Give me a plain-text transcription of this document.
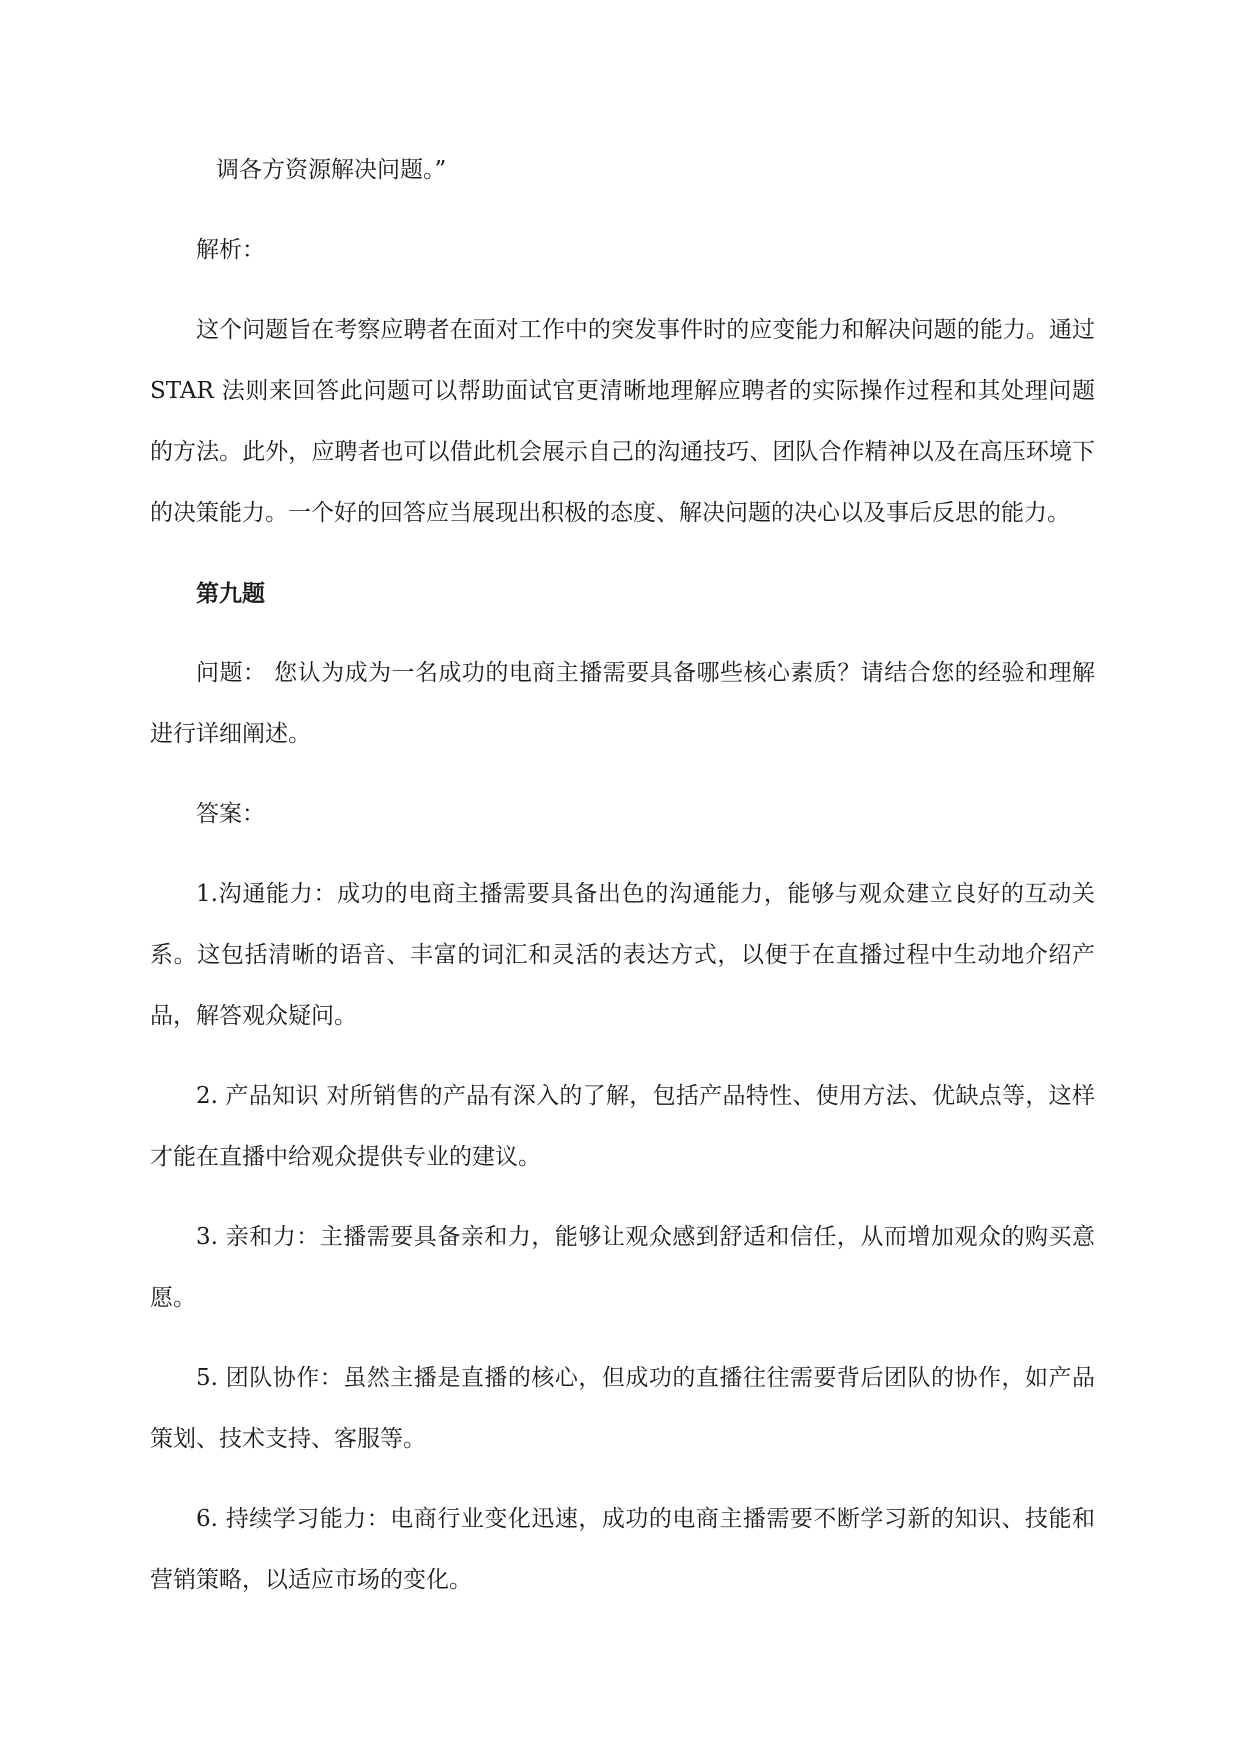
调各方资源解决问题。”

解析：

这个问题旨在考察应聘者在面对工作中的突发事件时的应变能力和解决问题的能力。通过 STAR 法则来回答此问题可以帮助面试官更清晰地理解应聘者的实际操作过程和其处理问题的方法。此外，应聘者也可以借此机会展示自己的沟通技巧、团队合作精神以及在高压环境下的决策能力。一个好的回答应当展现出积极的态度、解决问题的决心以及事后反思的能力。

第九题

问题： 您认为成为一名成功的电商主播需要具备哪些核心素质？请结合您的经验和理解进行详细阐述。

答案：

1.沟通能力：成功的电商主播需要具备出色的沟通能力，能够与观众建立良好的互动关系。这包括清晰的语音、丰富的词汇和灵活的表达方式，以便于在直播过程中生动地介绍产品，解答观众疑问。

2. 产品知识 对所销售的产品有深入的了解，包括产品特性、使用方法、优缺点等，这样才能在直播中给观众提供专业的建议。

3. 亲和力：主播需要具备亲和力，能够让观众感到舒适和信任，从而增加观众的购买意愿。

5. 团队协作：虽然主播是直播的核心，但成功的直播往往需要背后团队的协作，如产品策划、技术支持、客服等。

6. 持续学习能力：电商行业变化迅速，成功的电商主播需要不断学习新的知识、技能和营销策略，以适应市场的变化。
